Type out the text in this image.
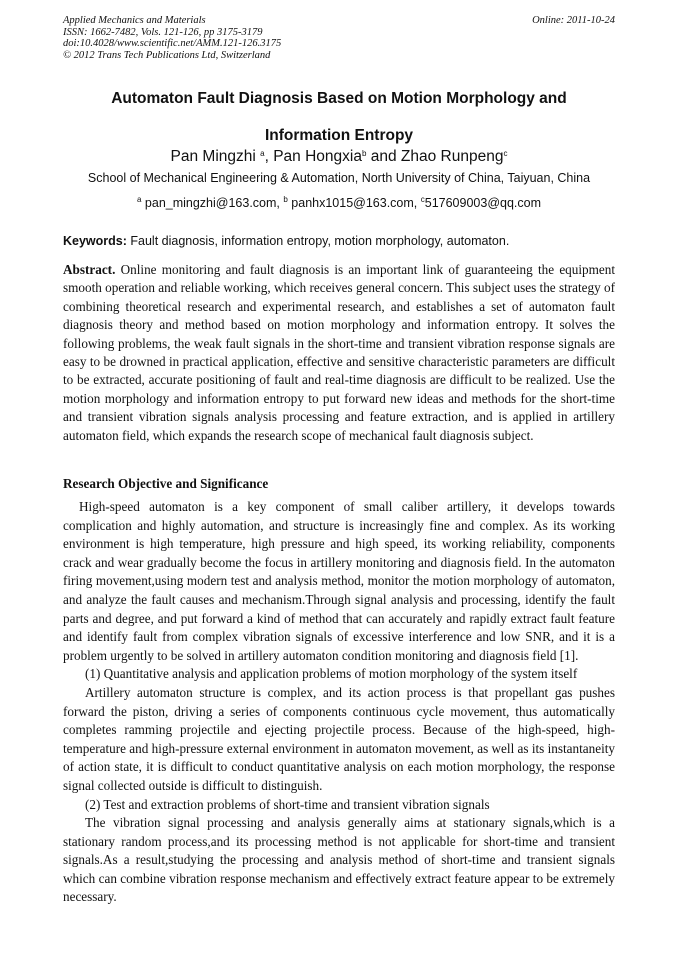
Applied Mechanics and Materials	Online: 2011-10-24
ISSN: 1662-7482, Vols. 121-126, pp 3175-3179
doi:10.4028/www.scientific.net/AMM.121-126.3175
© 2012 Trans Tech Publications Ltd, Switzerland
Automaton Fault Diagnosis Based on Motion Morphology and
Information Entropy
Pan Mingzhi $^a$, Pan Hongxia$^b$ and Zhao Runpeng$^c$
School of Mechanical Engineering & Automation, North University of China, Taiyuan, China
$^a$ pan_mingzhi@163.com, $^b$ panhx1015@163.com, $^c$517609003@qq.com
Keywords: Fault diagnosis, information entropy, motion morphology, automaton.
Abstract. Online monitoring and fault diagnosis is an important link of guaranteeing the equipment smooth operation and reliable working, which receives general concern. This subject uses the strategy of combining theoretical research and experimental research, and establishes a set of automaton fault diagnosis theory and method based on motion morphology and information entropy. It solves the following problems, the weak fault signals in the short-time and transient vibration response signals are easy to be drowned in practical application, effective and sensitive characteristic parameters are difficult to be extracted, accurate positioning of fault and real-time diagnosis are difficult to be realized. Use the motion morphology and information entropy to put forward new ideas and methods for the short-time and transient vibration signals analysis processing and feature extraction, and is applied in artillery automaton field, which expands the research scope of mechanical fault diagnosis subject.
Research Objective and Significance

High-speed automaton is a key component of small caliber artillery, it develops towards complication and highly automation, and structure is increasingly fine and complex. As its working environment is high temperature, high pressure and high speed, its working reliability, components crack and wear gradually become the focus in artillery monitoring and diagnosis field. In the automaton firing movement,using modern test and analysis method, monitor the motion morphology of automaton, and analyze the fault causes and mechanism.Through signal analysis and processing, identify the fault parts and degree, and put forward a kind of method that can accurately and rapidly extract fault feature and identify fault from complex vibration signals of excessive interference and low SNR, and it is a problem urgently to be solved in artillery automaton condition monitoring and diagnosis field [1].

(1) Quantitative analysis and application problems of motion morphology of the system itself

Artillery automaton structure is complex, and its action process is that propellant gas pushes forward the piston, driving a series of components continuous cycle movement, thus automatically completes ramming projectile and ejecting projectile process. Because of the high-speed, high-temperature and high-pressure external environment in automaton movement, as well as its instantaneity of action state, it is difficult to conduct quantitative analysis on each motion morphology, the response signal collected outside is difficult to distinguish.

(2) Test and extraction problems of short-time and transient vibration signals

The vibration signal processing and analysis generally aims at stationary signals,which is a stationary random process,and its processing method is not applicable for short-time and transient signals.As a result,studying the processing and analysis method of short-time and transient signals which can combine vibration response mechanism and effectively extract feature appear to be extremely necessary.
